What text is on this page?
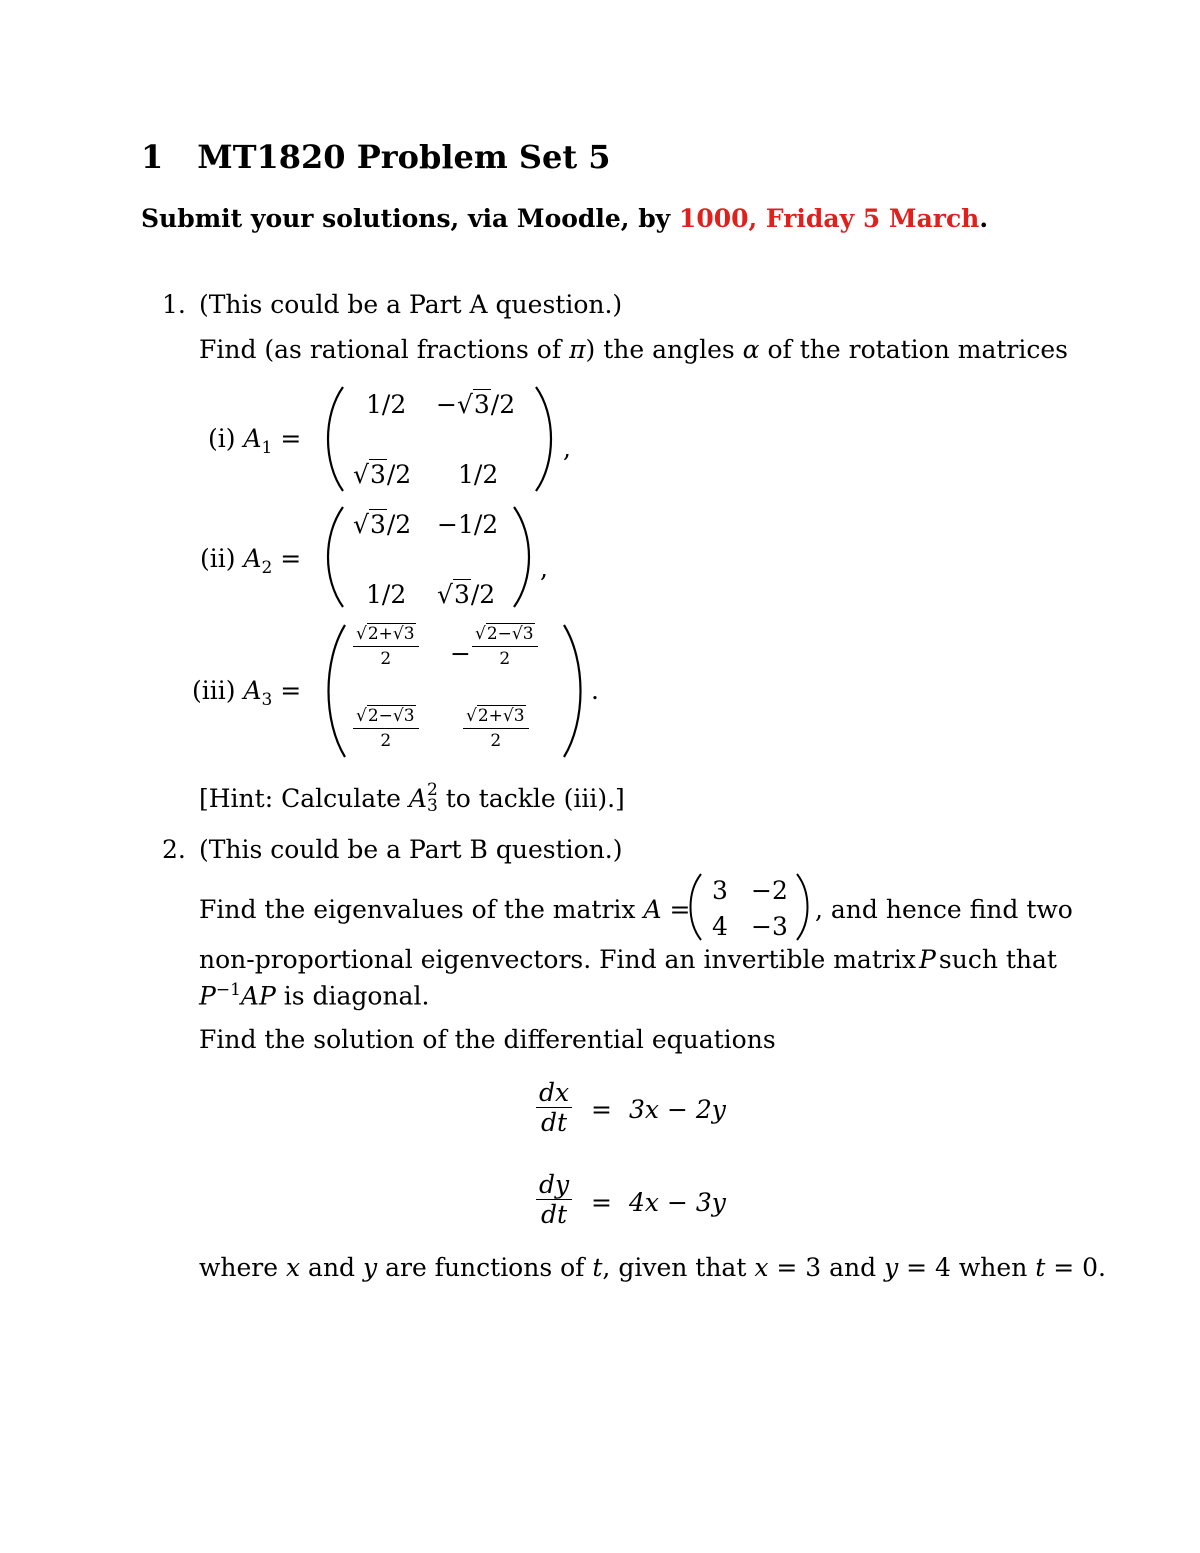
1 MT1820 Problem Set 5
Submit your solutions, via Moodle, by 1000, Friday 5 March.
1. (This could be a Part A question.)
Find (as rational fractions of π) the angles α of the rotation matrices
(i) $A_1$ =
1/2 −√3/2
√3/2 1/2
,
(ii) $A_2$ =
√3/2 −1/2
1/2 √3/2
,
(iii) $A_3$ =
$\frac{√2+√3}{2} - \frac{√2-√3}{2}$
$\frac{√2-√3}{2}$	$\frac{√2+√3}{2}$
.
[Hint: Calculate A 2
3 to tackle (iii).]
2. (This could be a Part B question.)
Find the eigenvalues of the matrix A =
3 −2
4 −3
, and hence find two
non-proportional eigenvectors. Find an invertible matrix P such that
$P^{-1}AP$ is diagonal.
Find the solution of the differential equations
$\frac{dx}{dt} = 3x - 2y$
$\frac{dy}{dt} = 4x - 3y$
where x and y are functions of t, given that x = 3 and y = 4 when t = 0.
